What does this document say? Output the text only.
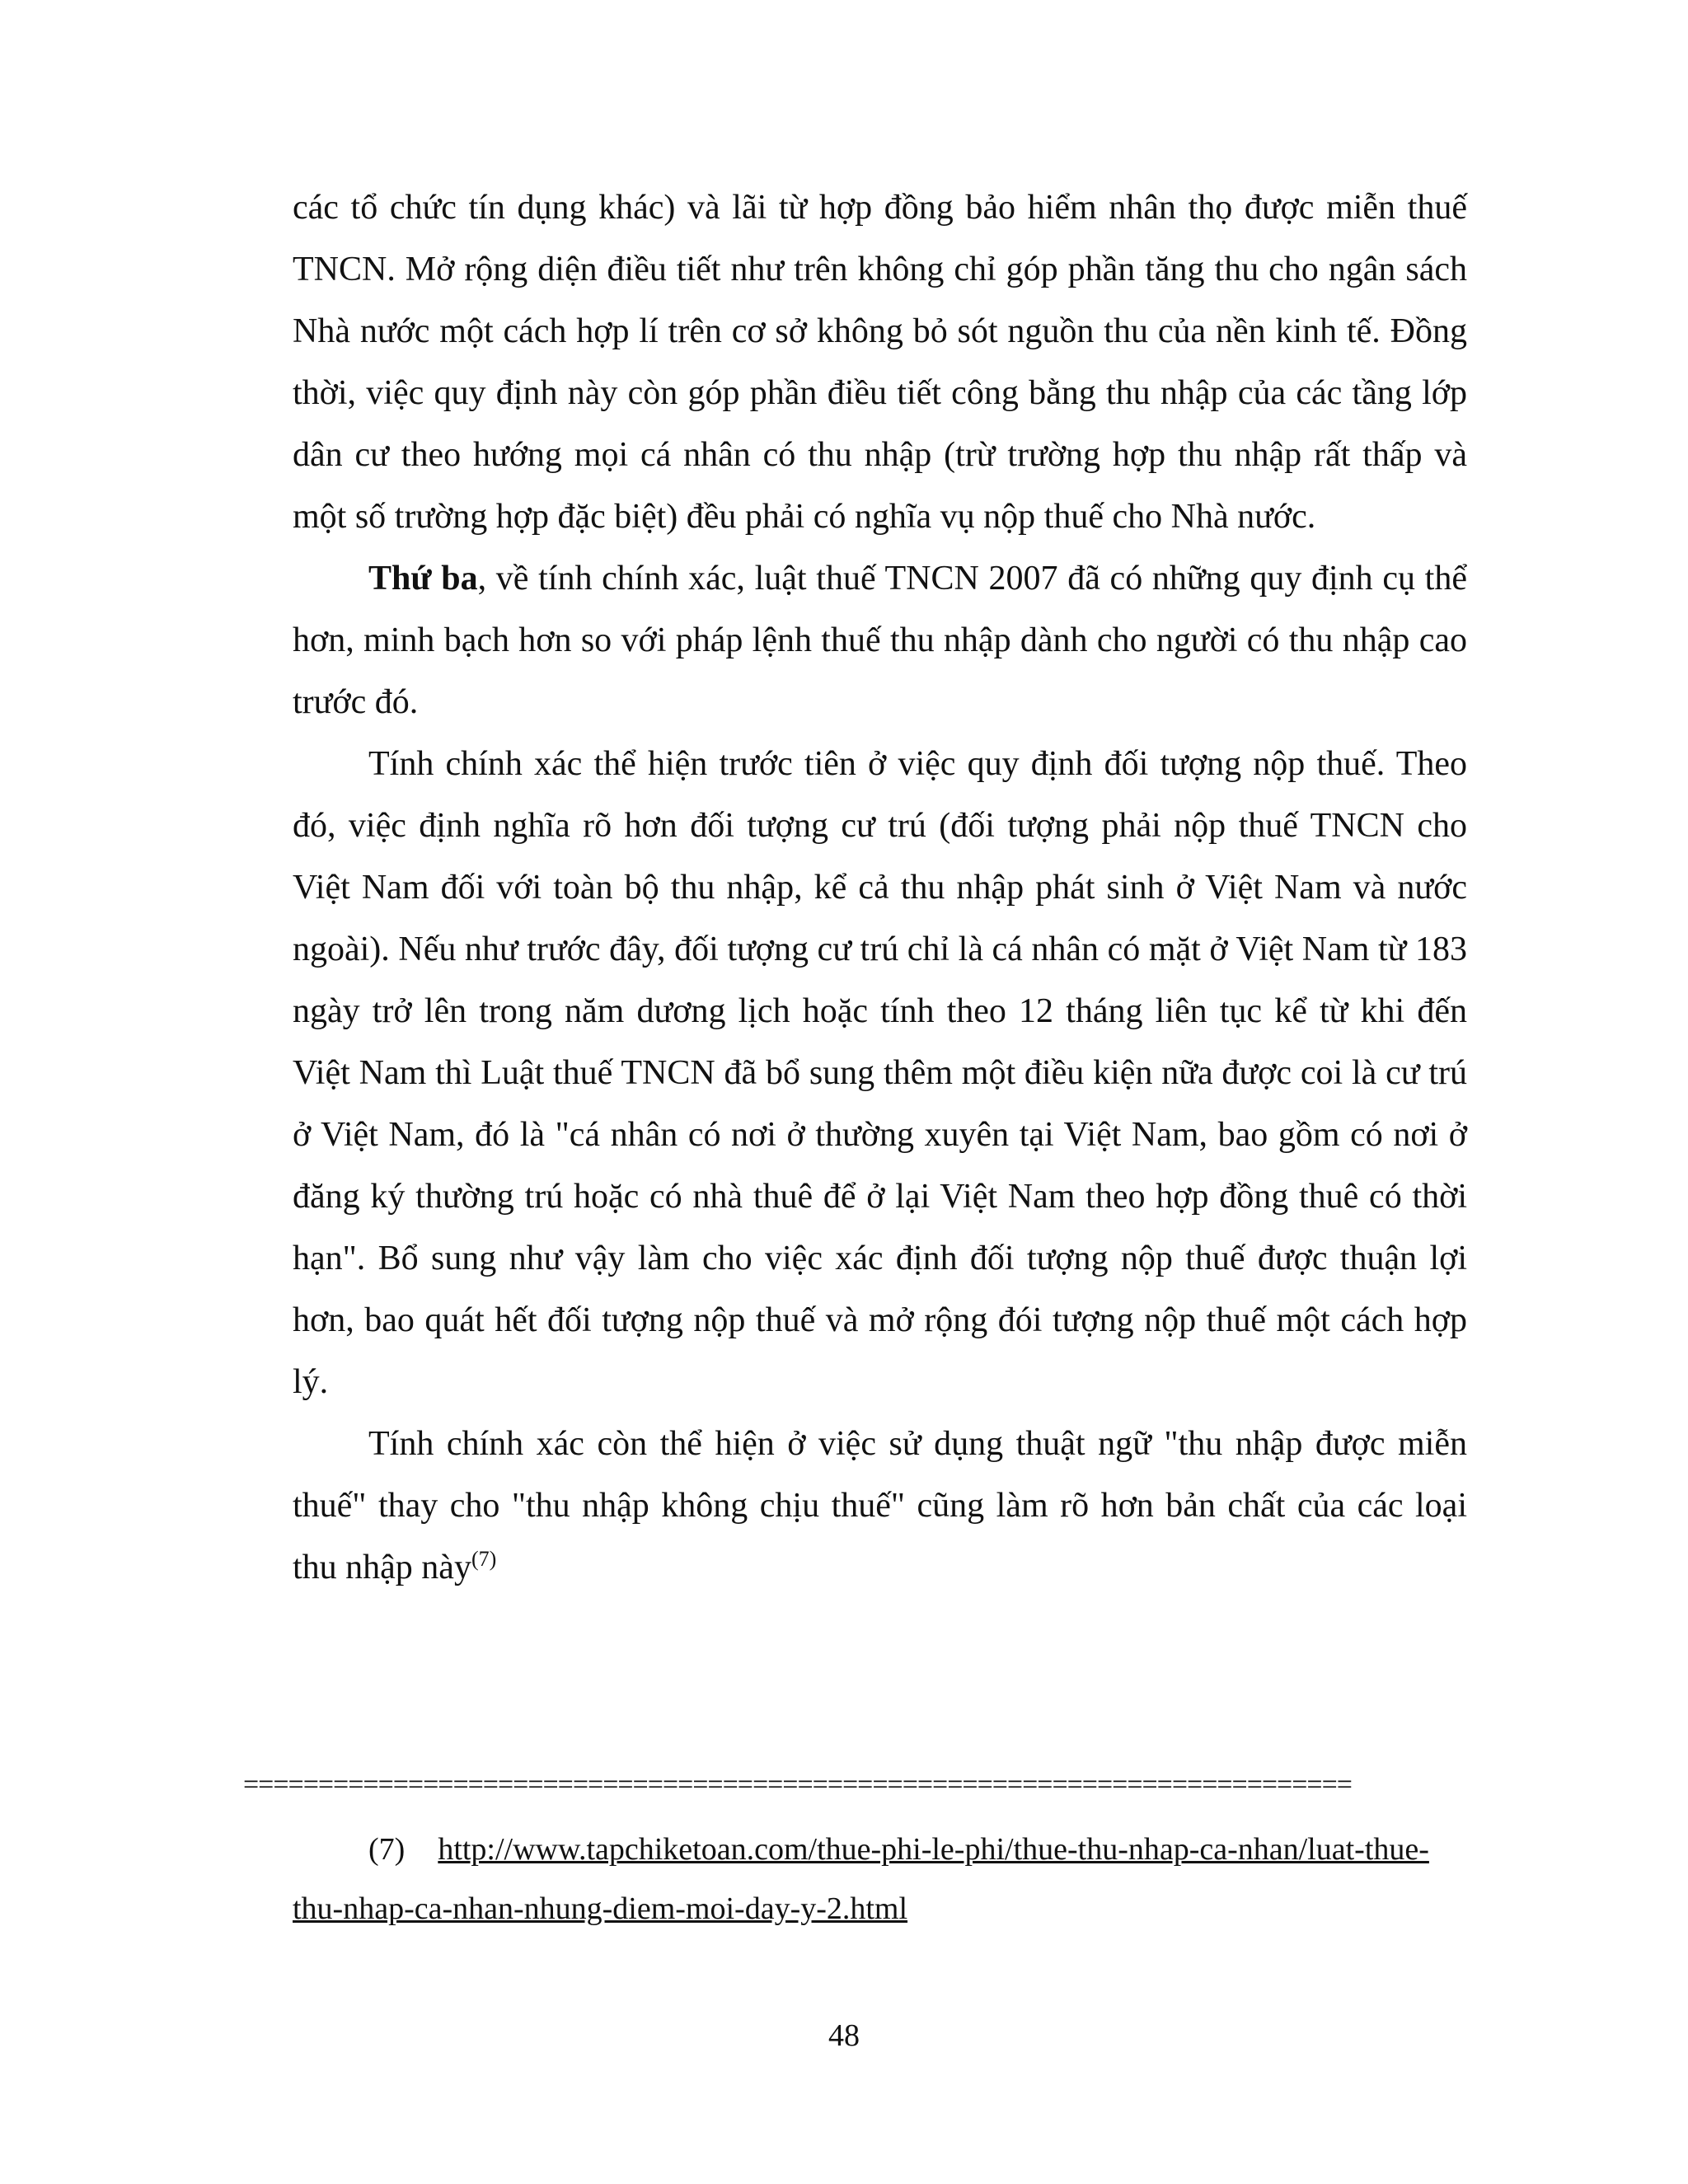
các tổ chức tín dụng khác) và lãi từ hợp đồng bảo hiểm nhân thọ được miễn thuế TNCN. Mở rộng diện điều tiết như trên không chỉ góp phần tăng thu cho ngân sách Nhà nước một cách hợp lí trên cơ sở không bỏ sót nguồn thu của nền kinh tế. Đồng thời, việc quy định này còn góp phần điều tiết công bằng thu nhập của các tầng lớp dân cư theo hướng mọi cá nhân có thu nhập (trừ trường hợp thu nhập rất thấp và một số trường hợp đặc biệt) đều phải có nghĩa vụ nộp thuế cho Nhà nước.

Thứ ba, về tính chính xác, luật thuế TNCN 2007 đã có những quy định cụ thể hơn, minh bạch hơn so với pháp lệnh thuế thu nhập dành cho người có thu nhập cao trước đó.

Tính chính xác thể hiện trước tiên ở việc quy định đối tượng nộp thuế. Theo đó, việc định nghĩa rõ hơn đối tượng cư trú (đối tượng phải nộp thuế TNCN cho Việt Nam đối với toàn bộ thu nhập, kể cả thu nhập phát sinh ở Việt Nam và nước ngoài). Nếu như trước đây, đối tượng cư trú chỉ là cá nhân có mặt ở Việt Nam từ 183 ngày trở lên trong năm dương lịch hoặc tính theo 12 tháng liên tục kể từ khi đến Việt Nam thì Luật thuế TNCN đã bổ sung thêm một điều kiện nữa được coi là cư trú ở Việt Nam, đó là "cá nhân có nơi ở thường xuyên tại Việt Nam, bao gồm có nơi ở đăng ký thường trú hoặc có nhà thuê để ở lại Việt Nam theo hợp đồng thuê có thời hạn". Bổ sung như vậy làm cho việc xác định đối tượng nộp thuế được thuận lợi hơn, bao quát hết đối tượng nộp thuế và mở rộng đói tượng nộp thuế một cách hợp lý.

Tính chính xác còn thể hiện ở việc sử dụng thuật ngữ "thu nhập được miễn thuế" thay cho "thu nhập không chịu thuế" cũng làm rõ hơn bản chất của các loại thu nhập này$^{(7)}$

==========================================================================
(7) http://www.tapchiketoan.com/thue-phi-le-phi/thue-thu-nhap-ca-nhan/luat-thue-thu-nhap-ca-nhan-nhung-diem-moi-day-y-2.html
48
